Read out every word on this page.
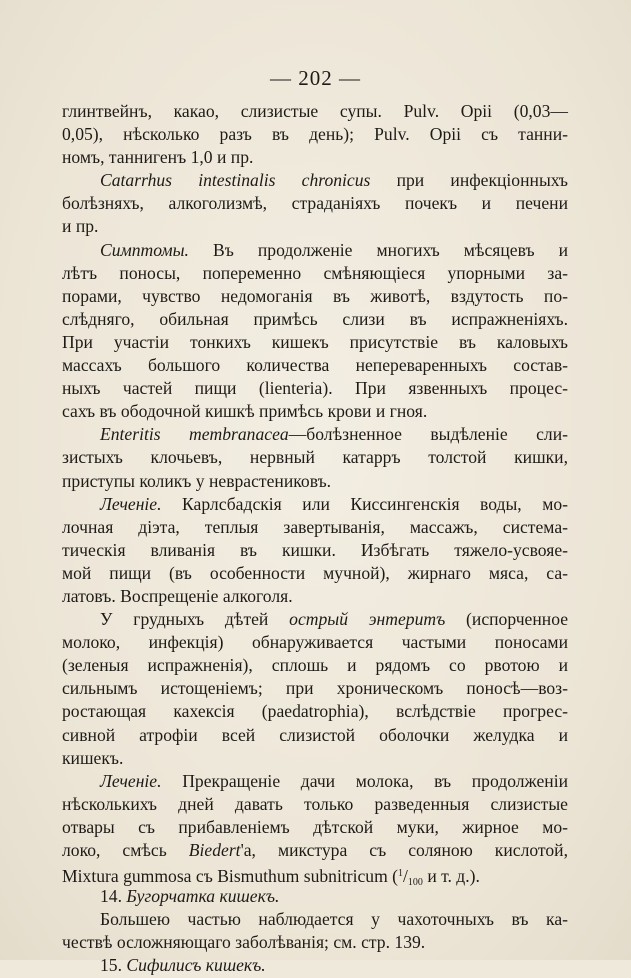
— 202 —
глинтвейнъ, какао, слизистые супы. Pulv. Opii (0,03—
0,05), нѣсколько разъ въ день); Pulv. Opii съ танни-
номъ, таннигенъ 1,0 и пр.
Catarrhus intestinalis chronicus при инфекціонныхъ
болѣзняхъ, алкоголизмѣ, страданіяхъ почекъ и печени
и пр.
Симптомы. Въ продолженіе многихъ мѣсяцевъ и
лѣтъ поносы, попеременно смѣняющіеся упорными за-
порами, чувство недомоганія въ животѣ, вздутость по-
слѣдняго, обильная примѣсь слизи въ испражненіяхъ.
При участіи тонкихъ кишекъ присутствіе въ каловыхъ
массахъ большого количества непереваренныхъ состав-
ныхъ частей пищи (lienteria). При язвенныхъ процес-
сахъ въ ободочной кишкѣ примѣсь крови и гноя.
Enteritis membranacea—болѣзненное выдѣленіе сли-
зистыхъ клочьевъ, нервный катарръ толстой кишки,
приступы коликъ у неврастениковъ.
Леченіе. Карлсбадскія или Киссингенскія воды, мо-
лочная діэта, теплыя завертыванія, массажъ, система-
тическія вливанія въ кишки. Избѣгать тяжело-усвояе-
мой пищи (въ особенности мучной), жирнаго мяса, са-
латовъ. Воспрещеніе алкоголя.
У грудныхъ дѣтей острый энтеритъ (испорченное
молоко, инфекція) обнаруживается частыми поносами
(зеленыя испражненія), сплошь и рядомъ со рвотою и
сильнымъ истощеніемъ; при хроническомъ поносѣ—воз-
ростающая кахексія (paedatrophia), вслѣдствіе прогрес-
сивной атрофіи всей слизистой оболочки желудка и
кишекъ.
Леченіе. Прекращеніе дачи молока, въ продолженіи
нѣсколькихъ дней давать только разведенныя слизистые
отвары съ прибавленіемъ дѣтской муки, жирное мо-
локо, смѣсь Biedert'а, микстура съ соляною кислотой,
Mixtura gummosa съ Bismuthum subnitricum ($^1/_{100}$ и т. д.).
14. Бугорчатка кишекъ.
Большею частью наблюдается у чахоточныхъ въ ка-
чествѣ осложняющаго заболѣванія; см. стр. 139.
15. Сифилисъ кишекъ.
